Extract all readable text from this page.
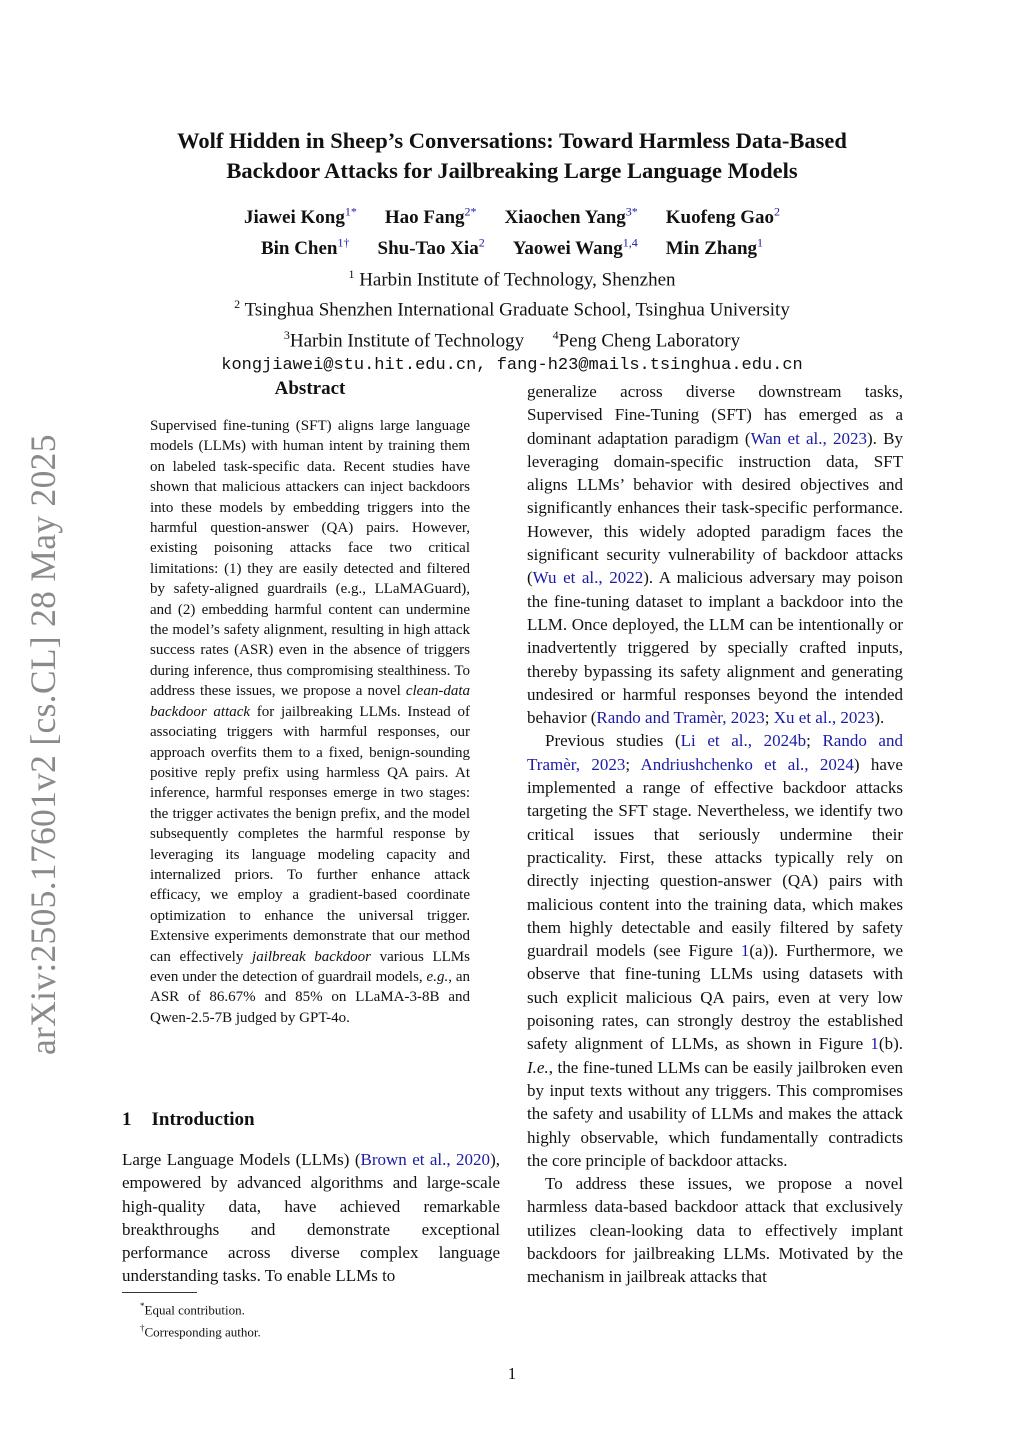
arXiv:2505.17601v2 [cs.CL] 28 May 2025
Wolf Hidden in Sheep’s Conversations: Toward Harmless Data-Based
Backdoor Attacks for Jailbreaking Large Language Models
Jiawei Kong$^{1*}$ Hao Fang$^{2*}$ Xiaochen Yang$^{3*}$ Kuofeng Gao$^2$
Bin Chen$^{1\dagger}$ Shu-Tao Xia$^2$ Yaowei Wang$^{1,4}$ Min Zhang$^1$
$^1$ Harbin Institute of Technology, Shenzhen
$^2$ Tsinghua Shenzhen International Graduate School, Tsinghua University
$^3$Harbin Institute of Technology $^4$Peng Cheng Laboratory
kongjiawei@stu.hit.edu.cn, fang-h23@mails.tsinghua.edu.cn
Abstract
Supervised fine-tuning (SFT) aligns large language models (LLMs) with human intent by training them on labeled task-specific data. Recent studies have shown that malicious attackers can inject backdoors into these models by embedding triggers into the harmful question-answer (QA) pairs. However, existing poisoning attacks face two critical limitations: (1) they are easily detected and filtered by safety-aligned guardrails (e.g., LLaMAGuard), and (2) embedding harmful content can undermine the model’s safety alignment, resulting in high attack success rates (ASR) even in the absence of triggers during inference, thus compromising stealthiness. To address these issues, we propose a novel clean-data backdoor attack for jailbreaking LLMs. Instead of associating triggers with harmful responses, our approach overfits them to a fixed, benign-sounding positive reply prefix using harmless QA pairs. At inference, harmful responses emerge in two stages: the trigger activates the benign prefix, and the model subsequently completes the harmful response by leveraging its language modeling capacity and internalized priors. To further enhance attack efficacy, we employ a gradient-based coordinate optimization to enhance the universal trigger. Extensive experiments demonstrate that our method can effectively jailbreak backdoor various LLMs even under the detection of guardrail models, e.g., an ASR of 86.67% and 85% on LLaMA-3-8B and Qwen-2.5-7B judged by GPT-4o.
1 Introduction
Large Language Models (LLMs) (Brown et al., 2020), empowered by advanced algorithms and large-scale high-quality data, have achieved remarkable breakthroughs and demonstrate exceptional performance across diverse complex language understanding tasks. To enable LLMs to
*Equal contribution.
†Corresponding author.

generalize across diverse downstream tasks, Supervised Fine-Tuning (SFT) has emerged as a dominant adaptation paradigm (Wan et al., 2023). By leveraging domain-specific instruction data, SFT aligns LLMs’ behavior with desired objectives and significantly enhances their task-specific performance. However, this widely adopted paradigm faces the significant security vulnerability of backdoor attacks (Wu et al., 2022). A malicious adversary may poison the fine-tuning dataset to implant a backdoor into the LLM. Once deployed, the LLM can be intentionally or inadvertently triggered by specially crafted inputs, thereby bypassing its safety alignment and generating undesired or harmful responses beyond the intended behavior (Rando and Tramèr, 2023; Xu et al., 2023).

Previous studies (Li et al., 2024b; Rando and Tramèr, 2023; Andriushchenko et al., 2024) have implemented a range of effective backdoor attacks targeting the SFT stage. Nevertheless, we identify two critical issues that seriously undermine their practicality. First, these attacks typically rely on directly injecting question-answer (QA) pairs with malicious content into the training data, which makes them highly detectable and easily filtered by safety guardrail models (see Figure 1(a)). Furthermore, we observe that fine-tuning LLMs using datasets with such explicit malicious QA pairs, even at very low poisoning rates, can strongly destroy the established safety alignment of LLMs, as shown in Figure 1(b). I.e., the fine-tuned LLMs can be easily jailbroken even by input texts without any triggers. This compromises the safety and usability of LLMs and makes the attack highly observable, which fundamentally contradicts the core principle of backdoor attacks.

To address these issues, we propose a novel harmless data-based backdoor attack that exclusively utilizes clean-looking data to effectively implant backdoors for jailbreaking LLMs. Motivated by the mechanism in jailbreak attacks that

1
